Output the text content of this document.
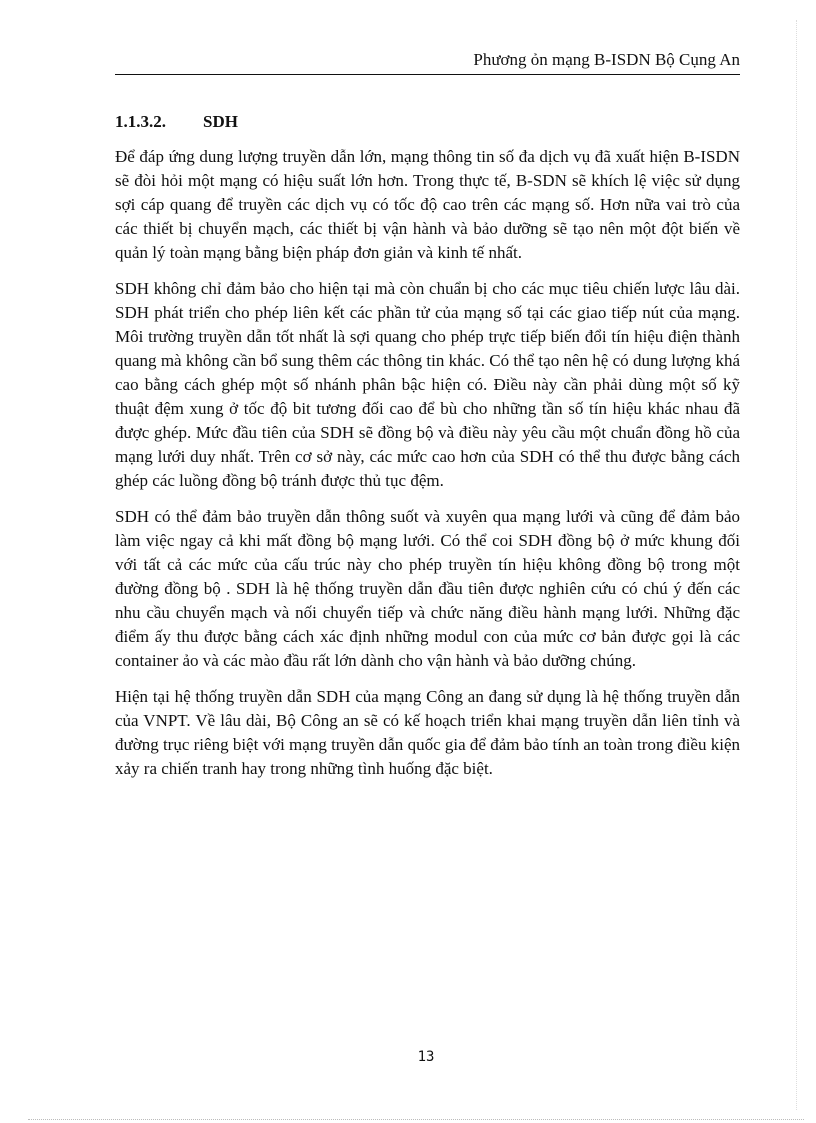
Phương ỏn mạng B-ISDN Bộ Cụng An
1.1.3.2. SDH

Để đáp ứng dung lượng truyền dẫn lớn, mạng thông tin số đa dịch vụ đã xuất hiện B-ISDN sẽ đòi hỏi một mạng có hiệu suất lớn hơn. Trong thực tế, B-SDN sẽ khích lệ việc sử dụng sợi cáp quang để truyền các dịch vụ có tốc độ cao trên các mạng số. Hơn nữa vai trò của các thiết bị chuyển mạch, các thiết bị vận hành và bảo dưỡng sẽ tạo nên một đột biến về quản lý toàn mạng bằng biện pháp đơn giản và kinh tế nhất.

SDH không chỉ đảm bảo cho hiện tại mà còn chuẩn bị cho các mục tiêu chiến lược lâu dài. SDH phát triển cho phép liên kết các phần tử của mạng số tại các giao tiếp nút của mạng. Môi trường truyền dẫn tốt nhất là sợi quang cho phép trực tiếp biến đổi tín hiệu điện thành quang mà không cần bổ sung thêm các thông tin khác. Có thể tạo nên hệ có dung lượng khá cao bằng cách ghép một số nhánh phân bậc hiện có. Điều này cần phải dùng một số kỹ thuật đệm xung ở tốc độ bit tương đối cao để bù cho những tần số tín hiệu khác nhau đã được ghép. Mức đầu tiên của SDH sẽ đồng bộ và điều này yêu cầu một chuẩn đồng hồ của mạng lưới duy nhất. Trên cơ sở này, các mức cao hơn của SDH có thể thu được bằng cách ghép các luồng đồng bộ tránh được thủ tục đệm.

SDH có thể đảm bảo truyền dẫn thông suốt và xuyên qua mạng lưới và cũng để đảm bảo làm việc ngay cả khi mất đồng bộ mạng lưới. Có thể coi SDH đồng bộ ở mức khung đối với tất cả các mức của cấu trúc này cho phép truyền tín hiệu không đồng bộ trong một đường đồng bộ . SDH là hệ thống truyền dẫn đầu tiên được nghiên cứu có chú ý đến các nhu cầu chuyển mạch và nối chuyển tiếp và chức năng điều hành mạng lưới. Những đặc điểm ấy thu được bằng cách xác định những modul con của mức cơ bản được gọi là các container ảo và các mào đầu rất lớn dành cho vận hành và bảo dưỡng chúng.

Hiện tại hệ thống truyền dẫn SDH của mạng Công an đang sử dụng là hệ thống truyền dẫn của VNPT. Về lâu dài, Bộ Công an sẽ có kế hoạch triển khai mạng truyền dẫn liên tỉnh và đường trục riêng biệt với mạng truyền dẫn quốc gia để đảm bảo tính an toàn trong điều kiện xảy ra chiến tranh hay trong những tình huống đặc biệt.

13
